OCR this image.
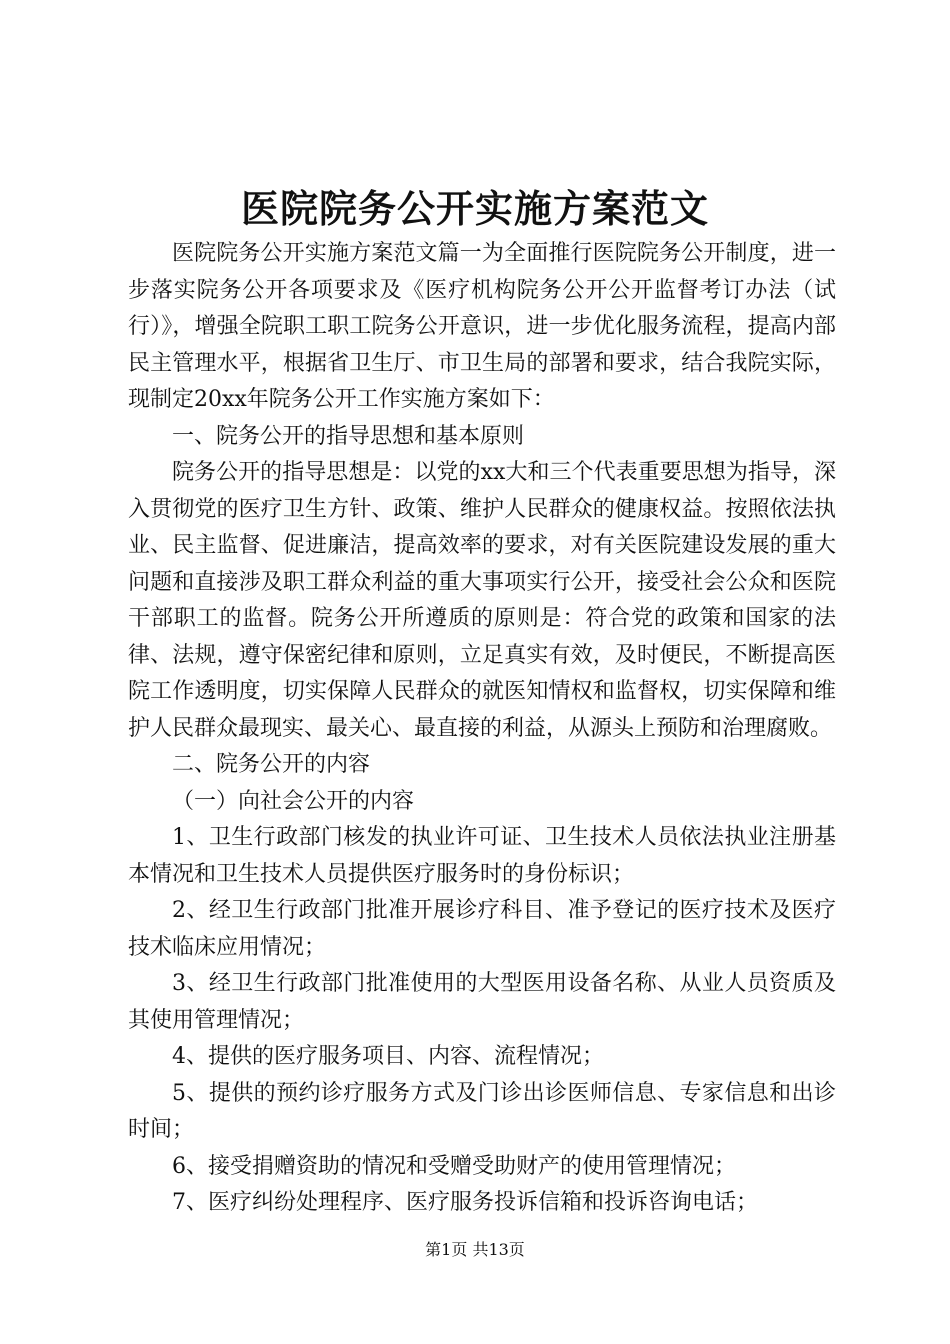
医院院务公开实施方案范文

医院院务公开实施方案范文篇一为全面推行医院院务公开制度，进一步落实院务公开各项要求及《医疗机构院务公开公开监督考订办法（试行）》，增强全院职工职工院务公开意识，进一步优化服务流程，提高内部民主管理水平，根据省卫生厅、市卫生局的部署和要求，结合我院实际，现制定20xx年院务公开工作实施方案如下：

一、院务公开的指导思想和基本原则

院务公开的指导思想是：以党的xx大和三个代表重要思想为指导，深入贯彻党的医疗卫生方针、政策、维护人民群众的健康权益。按照依法执业、民主监督、促进廉洁，提高效率的要求，对有关医院建设发展的重大问题和直接涉及职工群众利益的重大事项实行公开，接受社会公众和医院干部职工的监督。院务公开所遵质的原则是：符合党的政策和国家的法律、法规，遵守保密纪律和原则，立足真实有效，及时便民，不断提高医院工作透明度，切实保障人民群众的就医知情权和监督权，切实保障和维护人民群众最现实、最关心、最直接的利益，从源头上预防和治理腐败。

二、院务公开的内容

（一）向社会公开的内容

1、卫生行政部门核发的执业许可证、卫生技术人员依法执业注册基本情况和卫生技术人员提供医疗服务时的身份标识；

2、经卫生行政部门批准开展诊疗科目、准予登记的医疗技术及医疗技术临床应用情况；

3、经卫生行政部门批准使用的大型医用设备名称、从业人员资质及其使用管理情况；

4、提供的医疗服务项目、内容、流程情况；

5、提供的预约诊疗服务方式及门诊出诊医师信息、专家信息和出诊时间；

6、接受捐赠资助的情况和受赠受助财产的使用管理情况；

7、医疗纠纷处理程序、医疗服务投诉信箱和投诉咨询电话；

第1页 共13页
